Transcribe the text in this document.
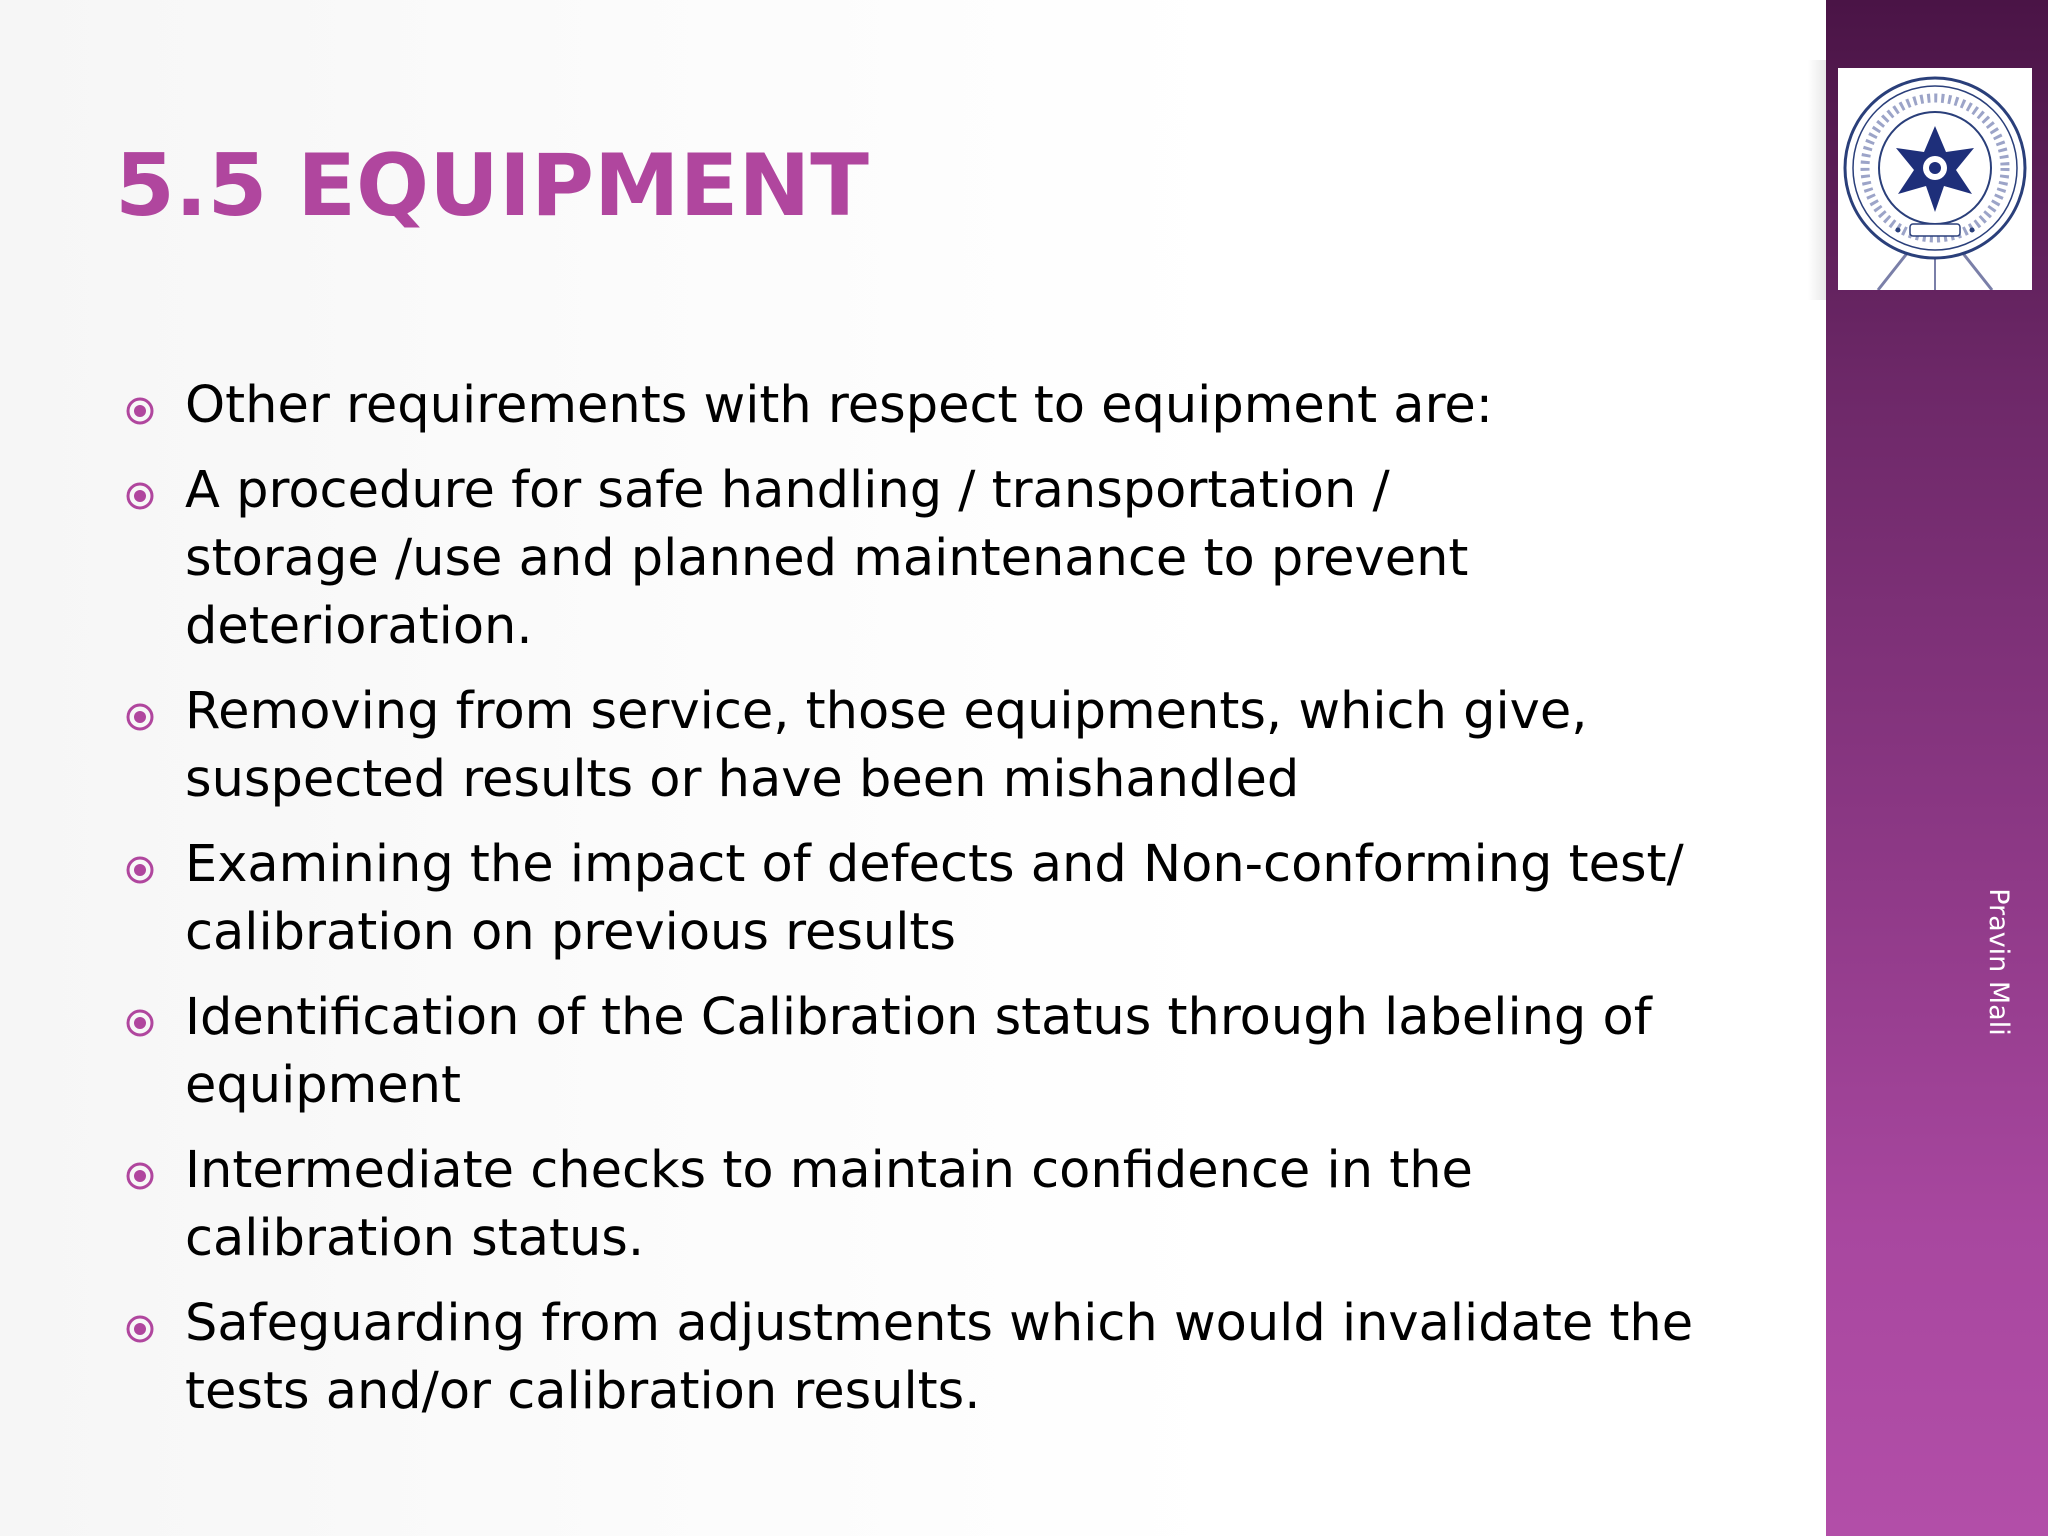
5.5 EQUIPMENT
Other requirements with respect to equipment are:
A procedure for safe handling / transportation /
storage /use and planned maintenance to prevent
deterioration.
Removing from service, those equipments, which give,
suspected results or have been mishandled
Examining the impact of defects and Non-conforming test/
calibration on previous results
Identification of the Calibration status through labeling of
equipment
Intermediate checks to maintain confidence in the
calibration status.
Safeguarding from adjustments which would invalidate the
tests and/or calibration results.
Pravin Mali
